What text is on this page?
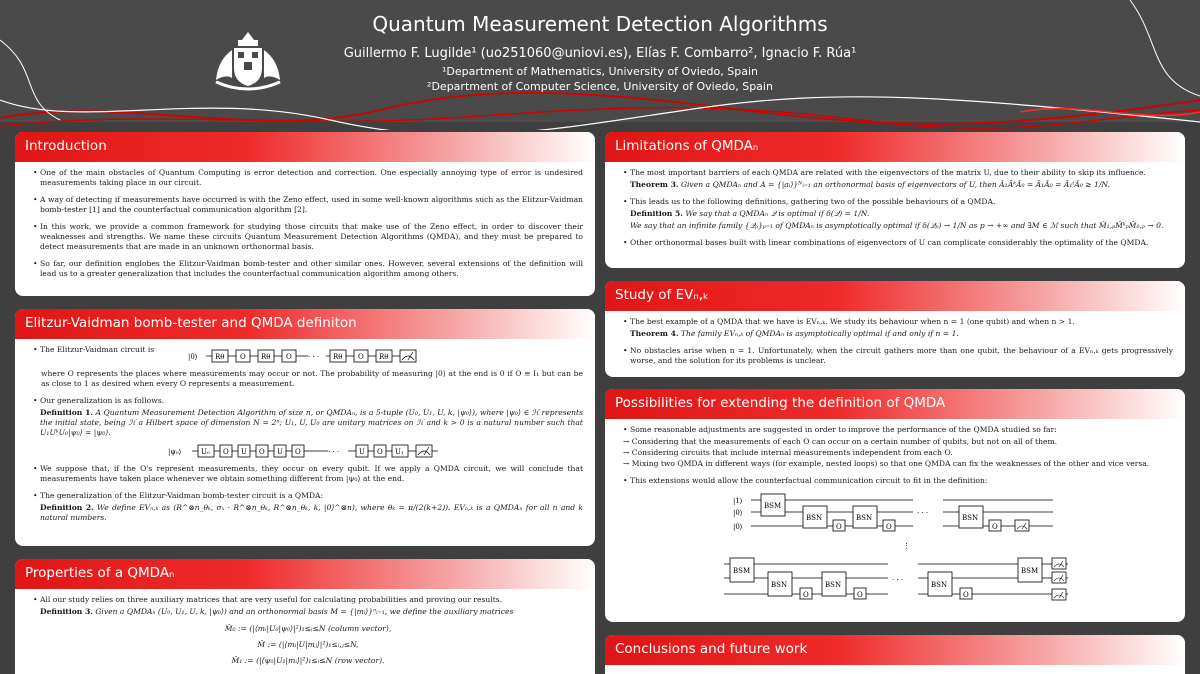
Quantum Measurement Detection Algorithms
Guillermo F. Lugilde¹ (uo251060@uniovi.es), Elías F. Combarro², Ignacio F. Rúa¹
¹Department of Mathematics, University of Oviedo, Spain
²Department of Computer Science, University of Oviedo, Spain
Introduction
• One of the main obstacles of Quantum Computing is error detection and correction. One especially annoying type of error is undesired measurements taking place in our circuit.
• A way of detecting if measurements have occurred is with the Zeno effect, used in some well-known algorithms such as the Elitzur-Vaidman bomb-tester [1] and the counterfactual communication algorithm [2].
• In this work, we provide a common framework for studying those circuits that make use of the Zeno effect, in order to discover their weaknesses and strengths. We name these circuits Quantum Measurement Detection Algorithms (QMDA), and they must be prepared to detect measurements that are made in an unknown orthonormal basis.
• So far, our definition englobes the Elitzur-Vaidman bomb-tester and other similar ones. However, several extensions of the definition will lead us to a greater generalization that includes the counterfactual communication algorithm among others.
Elitzur-Vaidman bomb-tester and QMDA definiton
• The Elitzur-Vaidman circuit is
|0⟩ Rθ O Rθ O · · · Rθ O Rθ
where O represents the places where measurements may occur or not. The probability of measuring |0⟩ at the end is 0 if O ≡ I₁ but can be as close to 1 as desired when every O represents a measurement.
• Our generalization is as follows.
Definition 1. A Quantum Measurement Detection Algorithm of size n, or QMDAₙ, is a 5-tuple (U₀, U₁, U, k, |ψ₀⟩), where |ψ₀⟩ ∈ ℋ represents the initial state, being ℋ a Hilbert space of dimension N = 2ⁿ; U₁, U, U₀ are unitary matrices on ℋ and k > 0 is a natural number such that U₁UᵏU₀|ψ₀⟩ = |ψ₀⟩.
|ψ₀⟩	U₀ O U O U O	· · ·	U O U₁
• We suppose that, if the O's represent measurements, they occur on every qubit. If we apply a QMDA circuit, we will conclude that measurements have taken place whenever we obtain something different from |ψ₀⟩ at the end.
• The generalization of the Elitzur-Vaidman bomb-tester circuit is a QMDA:
Definition 2. We define EVₙ,ₖ as (R^⊗n_θₖ, σₓ · R^⊗n_θₖ, R^⊗n_θₖ, k, |0⟩^⊗n), where θₖ = π/(2(k+2)). EVₙ,ₖ is a QMDAₙ for all n and k natural numbers.
Properties of a QMDAₙ
• All our study relies on three auxiliary matrices that are very useful for calculating probabilities and proving our results.
Definition 3. Given a QMDAₙ (U₀, U₁, U, k, |ψ₀⟩) and an orthonormal basis M = {|mᵢ⟩}ⁿᵢ₌₁, we define the auxiliary matrices
M̂₀ := (|⟨mᵢ|U₀|ψ₀⟩|²)₁≤ᵢ≤N (column vector),
M̂ := (|⟨mᵢ|U|mⱼ⟩|²)₁≤ᵢ,ⱼ≤N,
M̂₁ := (|⟨ψ₀|U₁|mᵢ⟩|²)₁≤ᵢ≤N (row vector).
Limitations of QMDAₙ
• The most important barriers of each QMDA are related with the eigenvectors of the matrix U, due to their ability to skip its influence.
Theorem 3. Given a QMDAₙ and A = {|aᵢ⟩}ᴺᵢ₌₁ an orthonormal basis of eigenvectors of U, then Â₁ÂᵏÂ₀ = Â₁Â₀ = Â₁ᵗÂ₀ ≥ 1/N.
• This leads us to the following definitions, gathering two of the possible behaviours of a QMDA.
Definition 5. We say that a QMDAₙ 𝒬 is optimal if δ(𝒬) = 1/N.
We say that an infinite family {𝒬ₚ}ₚ₌₁ of QMDAₙ is asymptotically optimal if δ(𝒬ₚ) → 1/N as p → +∞ and ∃M ∈ ℳ such that M̂₁,ₚM̂ᵏₚM̂₀,ₚ → 0.
• Other orthonormal bases built with linear combinations of eigenvectors of U can complicate considerably the optimality of the QMDA.
Study of EVₙ,ₖ
• The best example of a QMDA that we have is EVₙ,ₖ. We study its behaviour when n = 1 (one qubit) and when n > 1.
Theorem 4. The family EVₙ,ₖ of QMDAₙ is asymptotically optimal if and only if n = 1.
• No obstacles arise when n = 1. Unfortunately, when the circuit gathers more than one qubit, the behaviour of a EVₙ,ₖ gets progressively worse, and the solution for its problems is unclear.
Possibilities for extending the definition of QMDA
• Some reasonable adjustments are suggested in order to improve the performance of the QMDA studied so far:
→ Considering that the measurements of each O can occur on a certain number of qubits, but not on all of them.
→ Considering circuits that include internal measurements independent from each O.
→ Mixing two QMDA in different ways (for example, nested loops) so that one QMDA can fix the weaknesses of the other and vice versa.
• This extensions would allow the counterfactual communication circuit to fit in the definition:
|1⟩
|0⟩
|0⟩
BSM
BSN
O
BSN
O
· · ·
BSN
O
⋮
BSM
BSN
O
BSN
O
· · ·
BSN
O
BSM
Conclusions and future work
